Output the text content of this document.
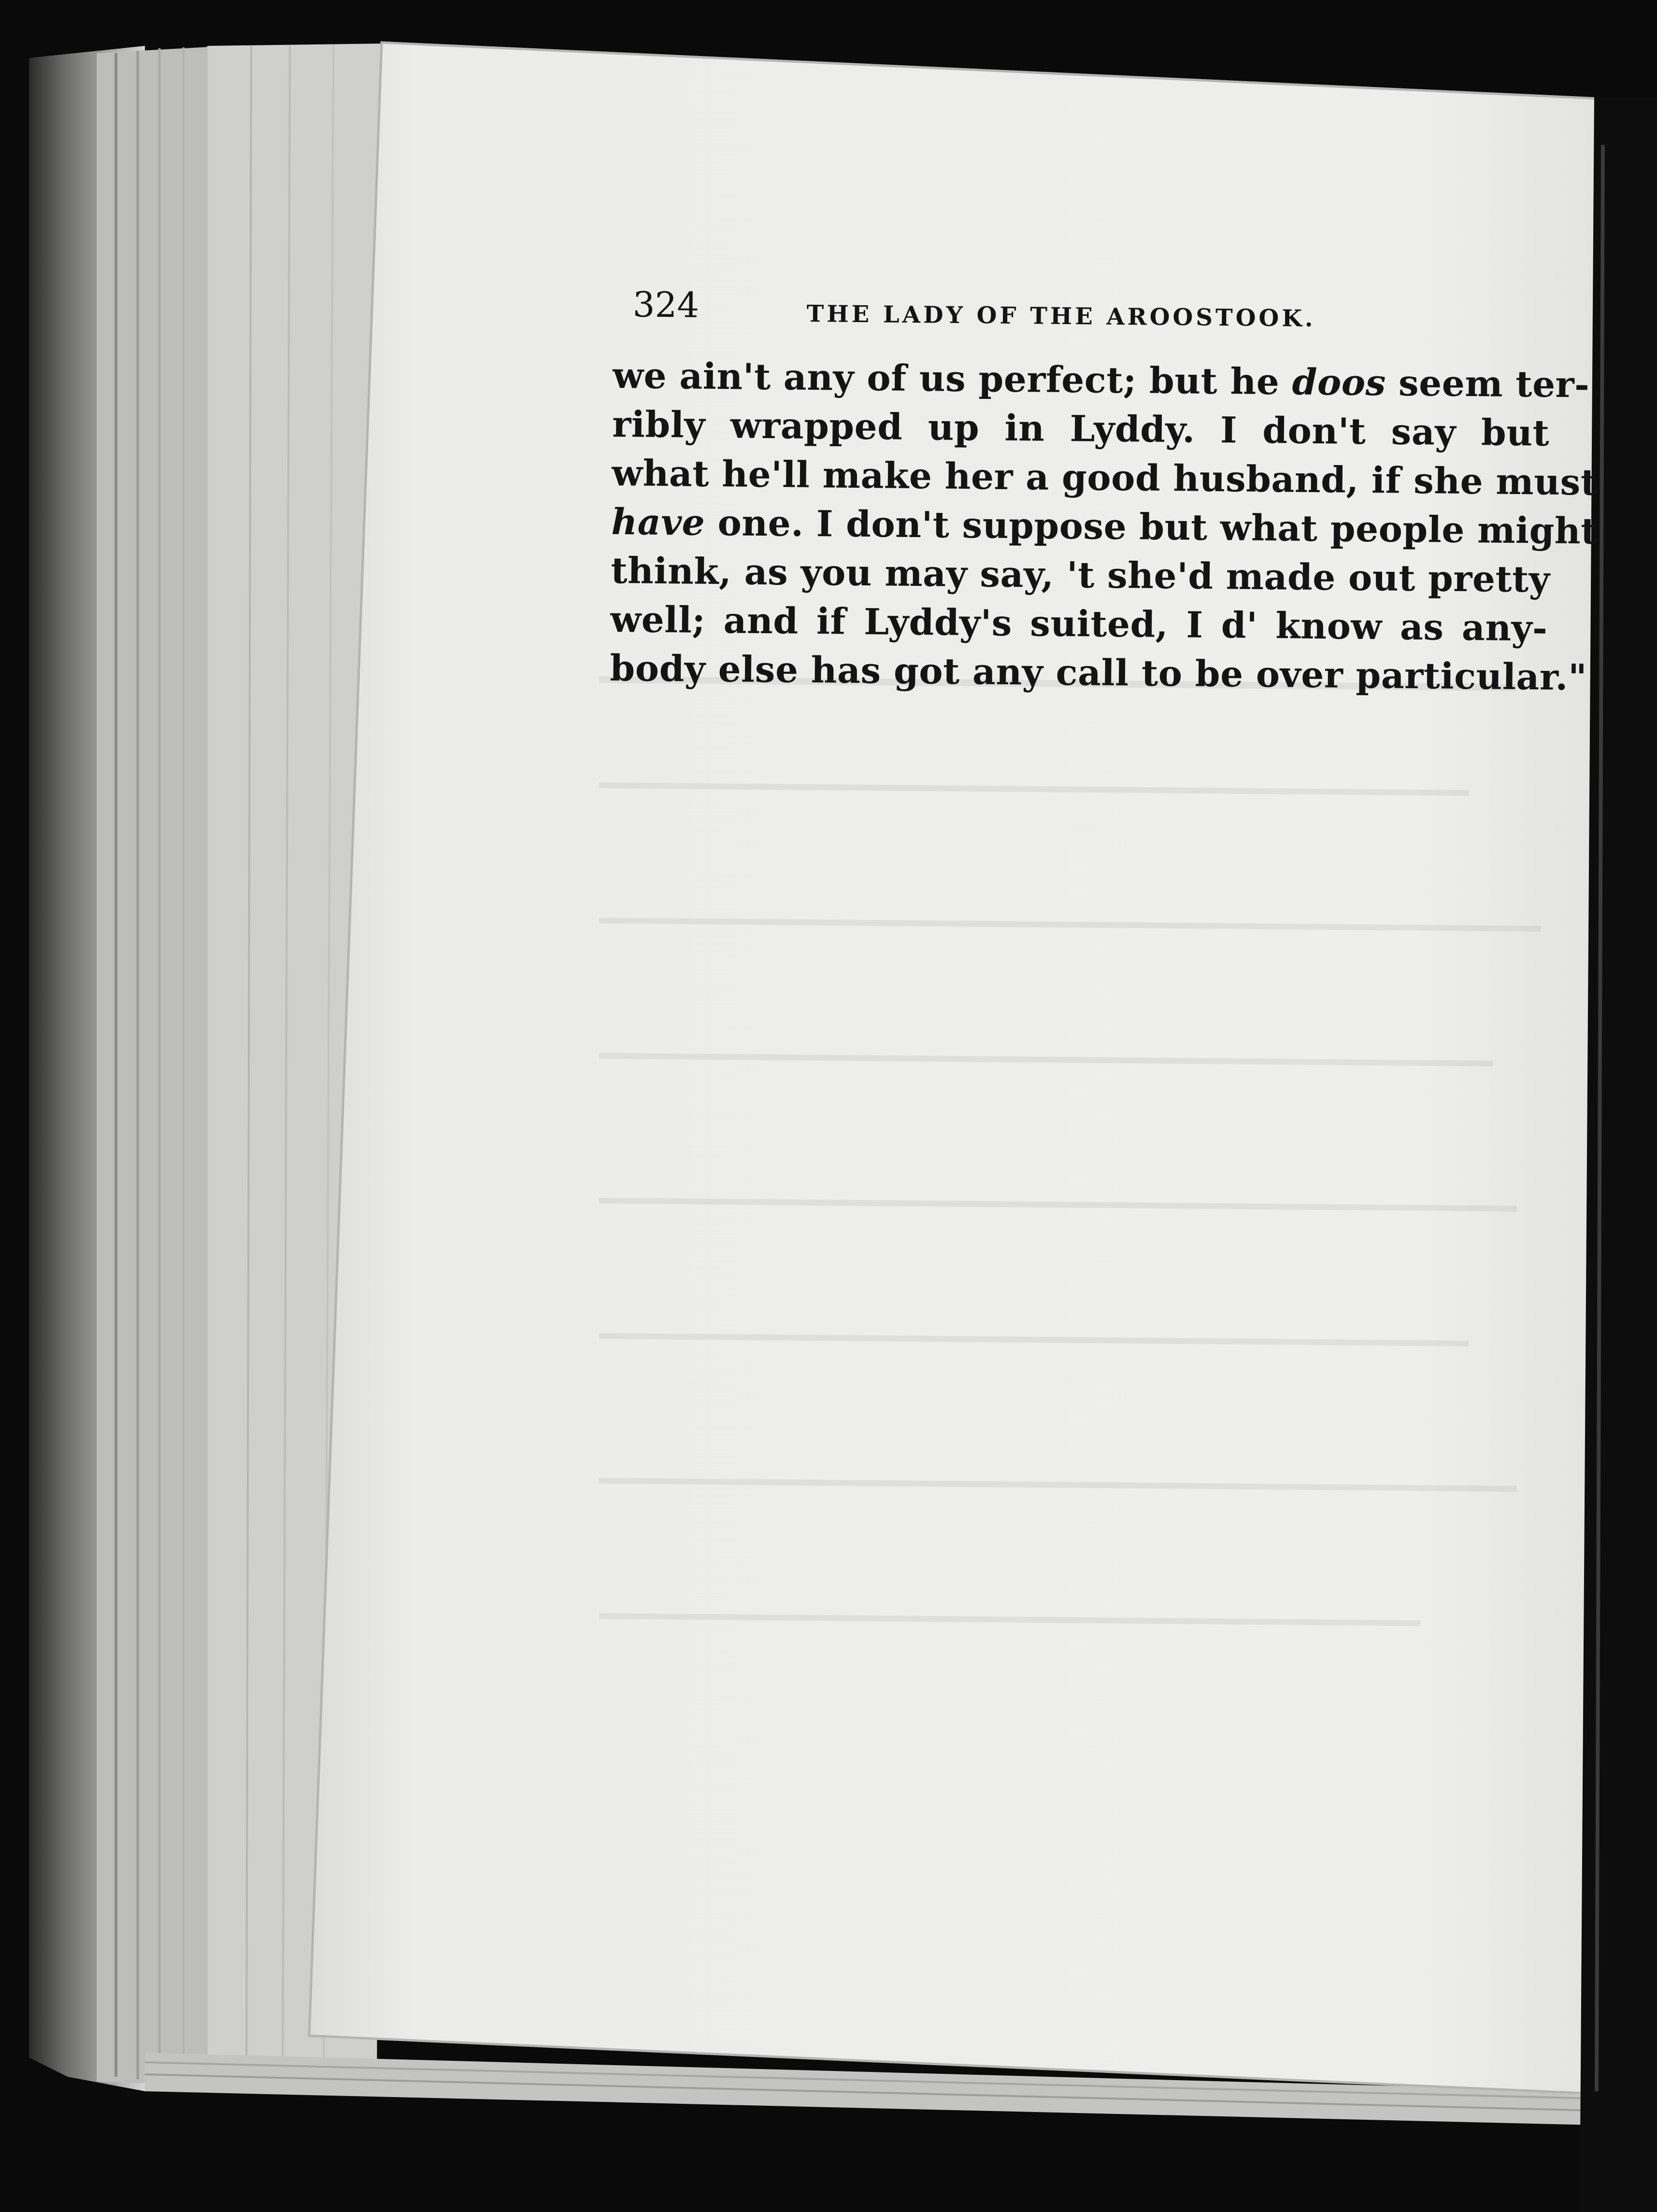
324	THE LADY OF THE AROOSTOOK.
we ain't any of us perfect; but he doos seem ter-
ribly wrapped up in Lyddy. I don't say but
what he'll make her a good husband, if she must
have one. I don't suppose but what people might
think, as you may say, 't she'd made out pretty
well; and if Lyddy's suited, I d' know as any-
body else has got any call to be over particular."
